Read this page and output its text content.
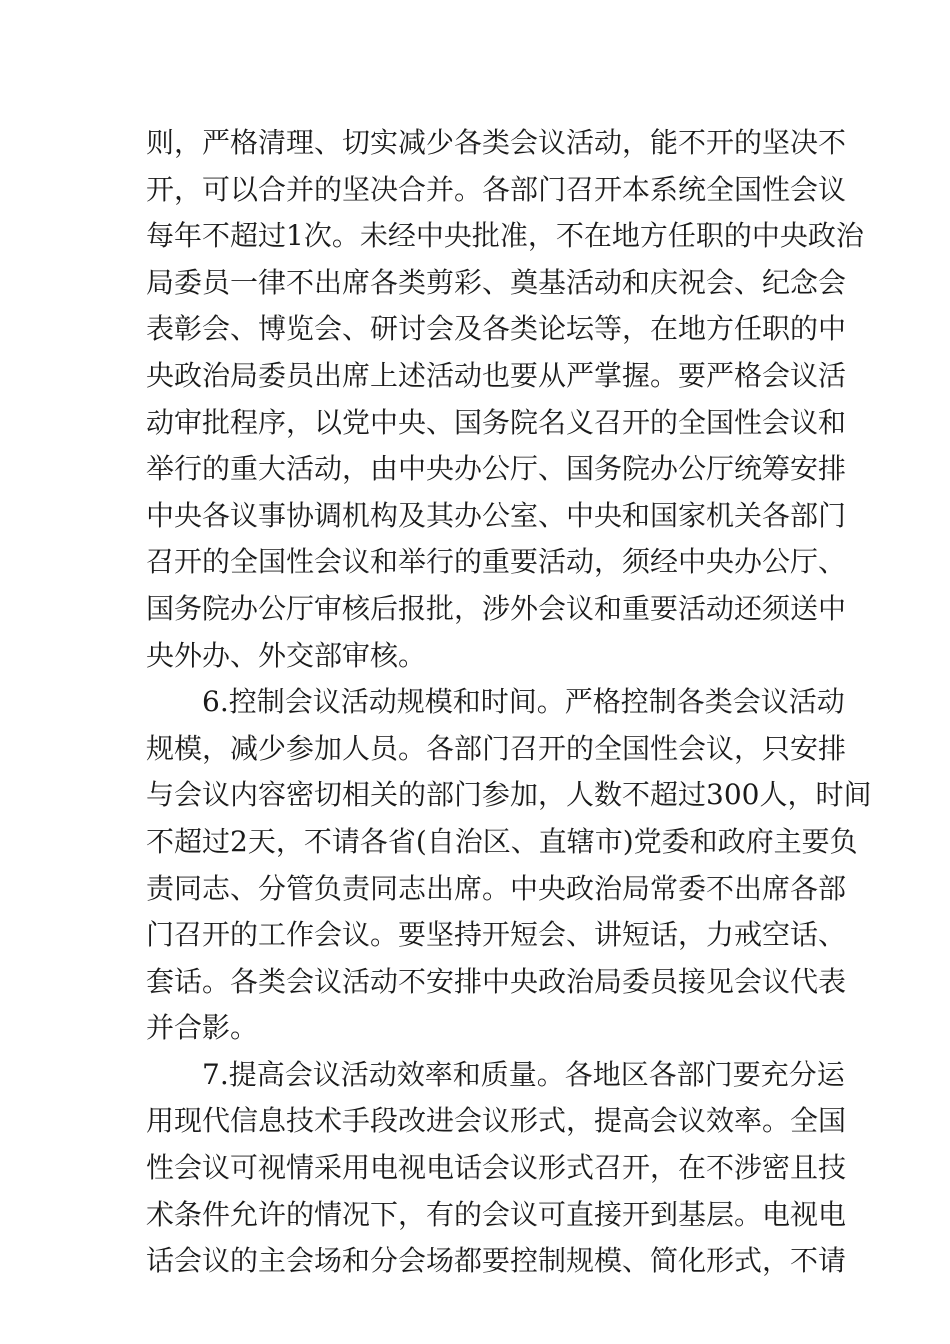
则，严格清理、切实减少各类会议活动，能不开的坚决不
开，可以合并的坚决合并。各部门召开本系统全国性会议
每年不超过1次。未经中央批准，不在地方任职的中央政治
局委员一律不出席各类剪彩、奠基活动和庆祝会、纪念会
表彰会、博览会、研讨会及各类论坛等，在地方任职的中
央政治局委员出席上述活动也要从严掌握。要严格会议活
动审批程序，以党中央、国务院名义召开的全国性会议和
举行的重大活动，由中央办公厅、国务院办公厅统筹安排
中央各议事协调机构及其办公室、中央和国家机关各部门
召开的全国性会议和举行的重要活动，须经中央办公厅、
国务院办公厅审核后报批，涉外会议和重要活动还须送中
央外办、外交部审核。
6.控制会议活动规模和时间。严格控制各类会议活动
规模，减少参加人员。各部门召开的全国性会议，只安排
与会议内容密切相关的部门参加，人数不超过300人，时间
不超过2天，不请各省(自治区、直辖市)党委和政府主要负
责同志、分管负责同志出席。中央政治局常委不出席各部
门召开的工作会议。要坚持开短会、讲短话，力戒空话、
套话。各类会议活动不安排中央政治局委员接见会议代表
并合影。
7.提高会议活动效率和质量。各地区各部门要充分运
用现代信息技术手段改进会议形式，提高会议效率。全国
性会议可视情采用电视电话会议形式召开，在不涉密且技
术条件允许的情况下，有的会议可直接开到基层。电视电
话会议的主会场和分会场都要控制规模、简化形式，不请
